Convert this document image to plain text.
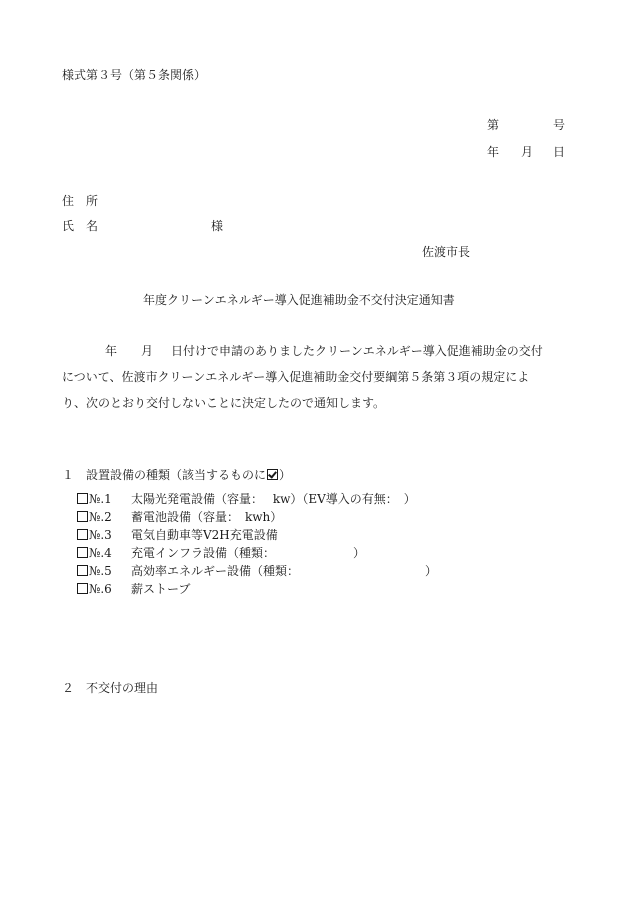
様式第３号（第５条関係）
第	号
年 月 日
住　所
氏　名	様
佐渡市長
年度クリーンエネルギー導入促進補助金不交付決定通知書
年 月 日付けで申請のありましたクリーンエネルギー導入促進補助金の交付
について、佐渡市クリーンエネルギー導入促進補助金交付要綱第５条第３項の規定によ
り、次のとおり交付しないことに決定したので通知します。
１　設置設備の種類（該当するものに ）
№.1 太陽光発電設備（容量：　 kw）（EV導入の有無：　）
№.2 蓄電池設備（容量：　kwh）
№.3 電気自動車等V2H充電設備
№.4 充電インフラ設備（種類：　　　　　　　）
№.5 高効率エネルギー設備（種類：　　　　　　　　　　　）
№.6 薪ストーブ
２　不交付の理由
